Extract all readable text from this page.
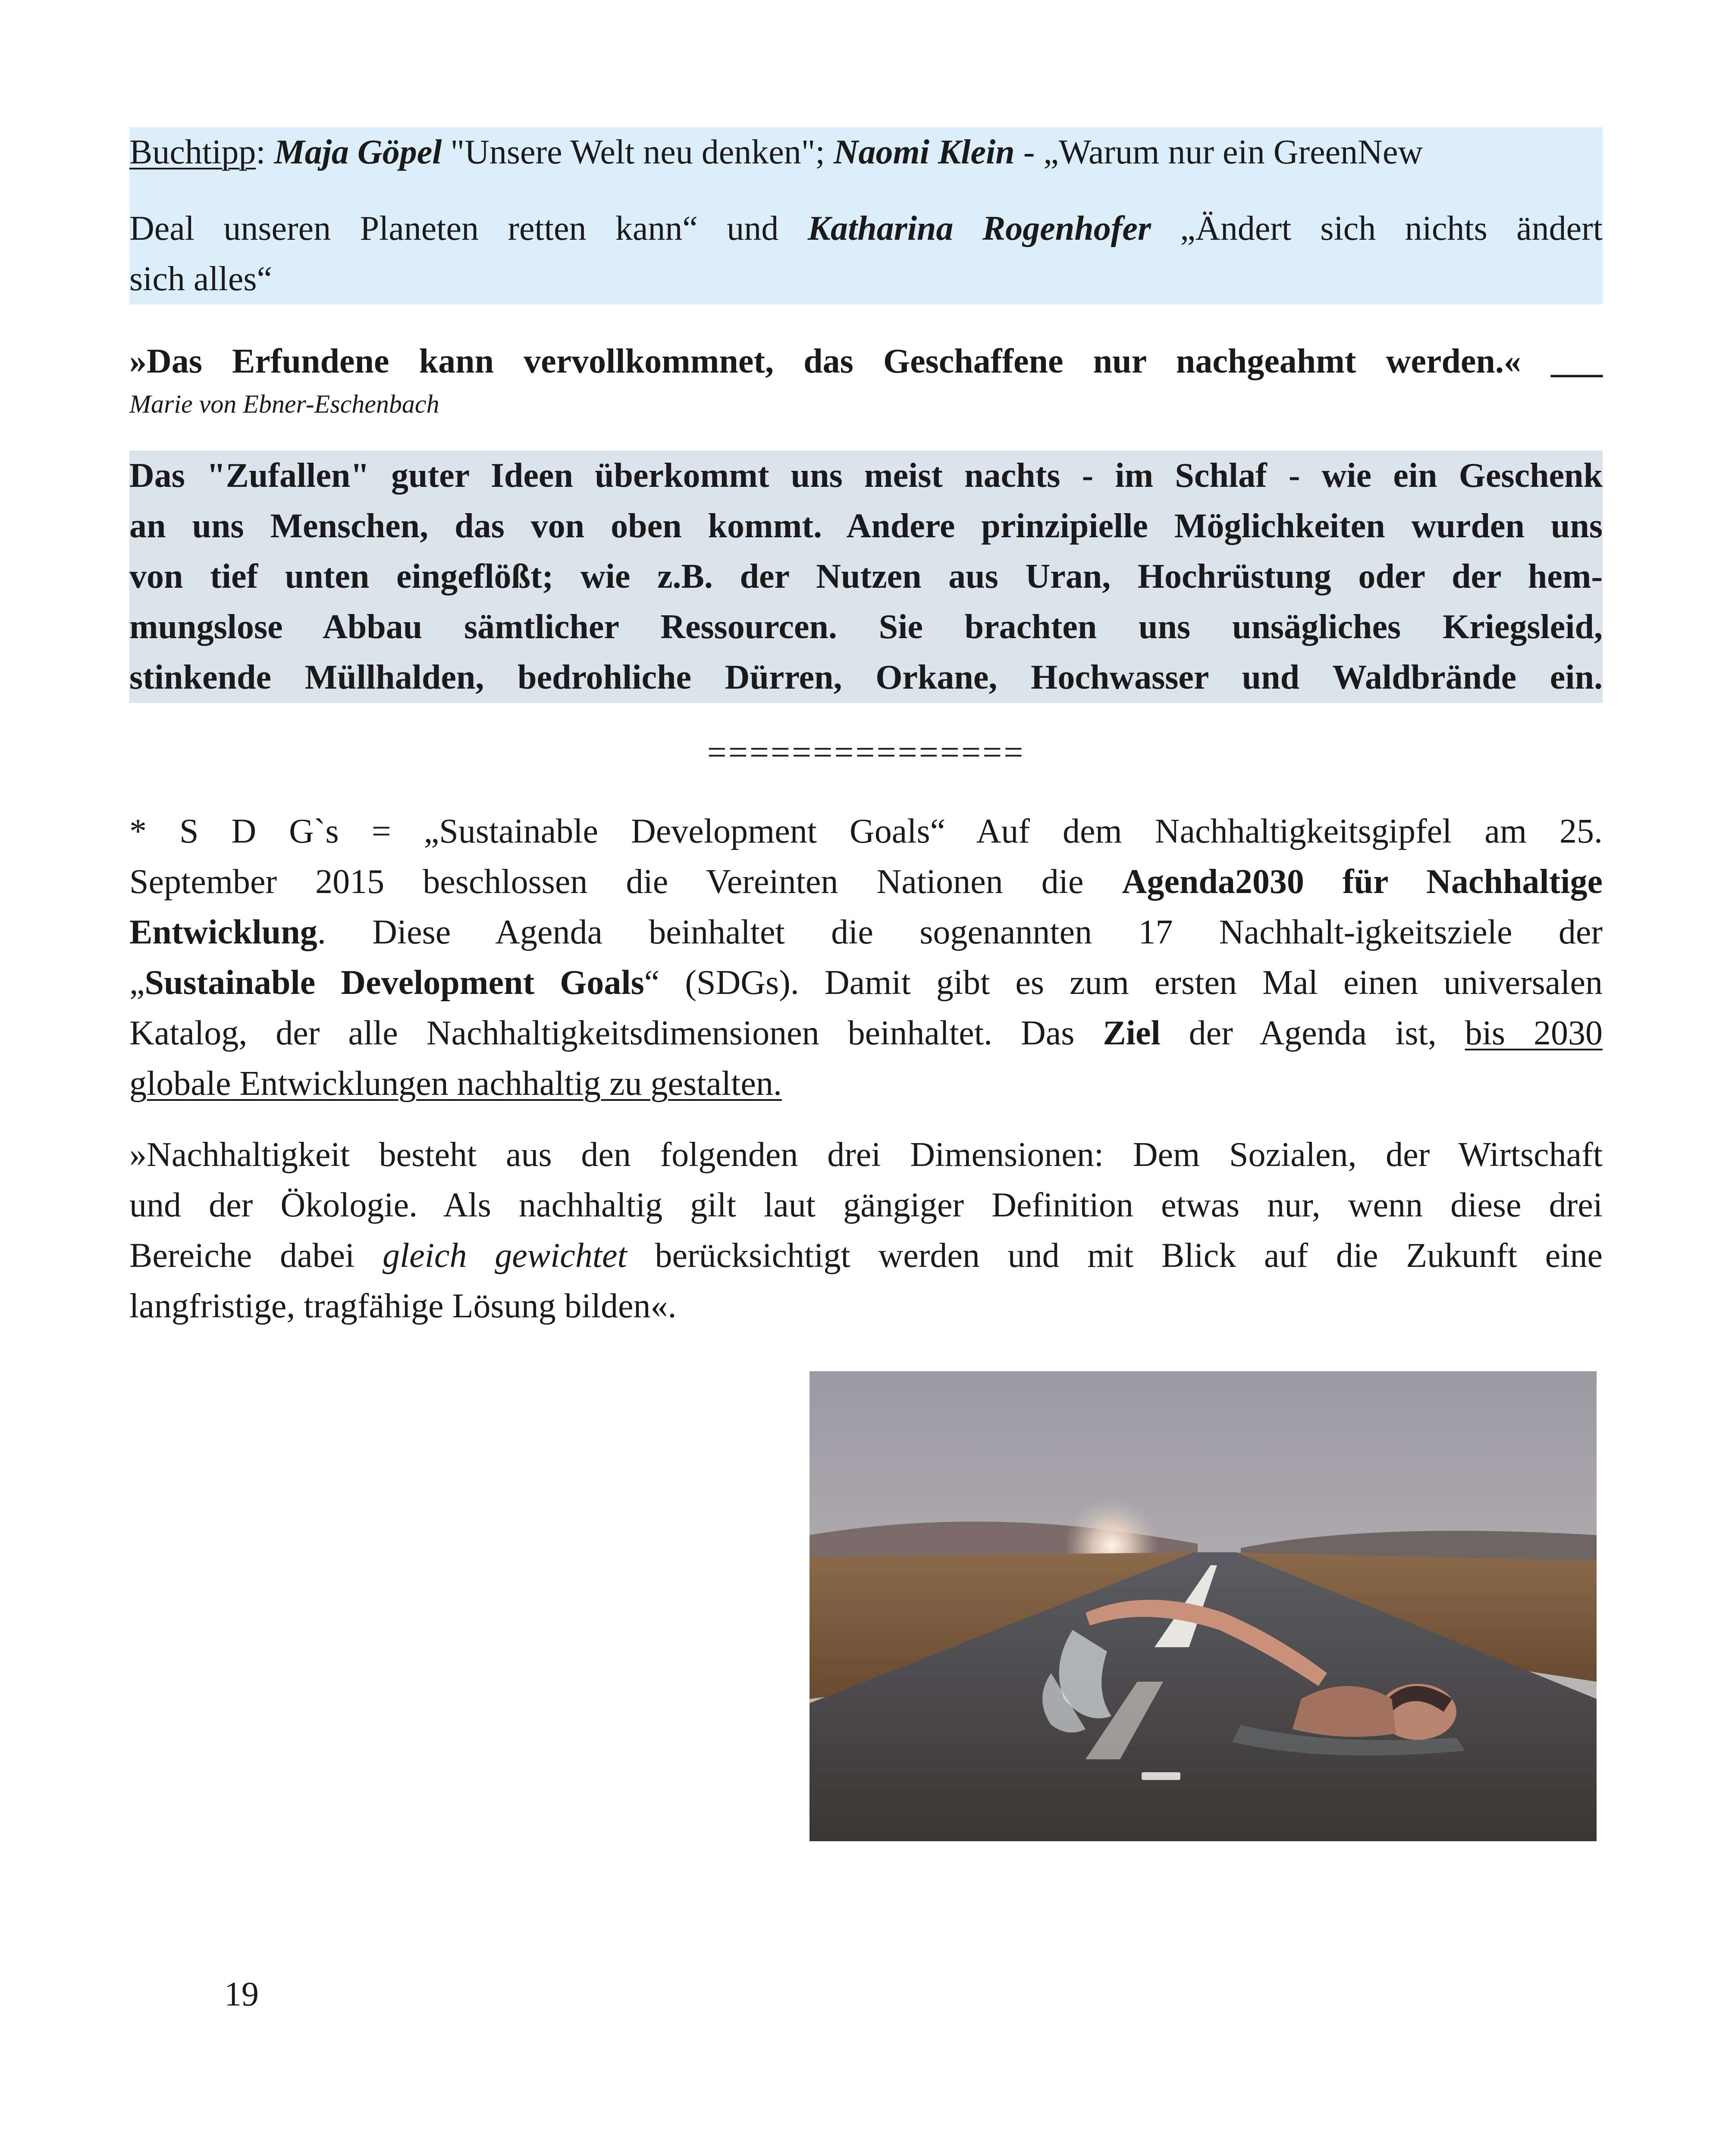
Buchtipp: Maja Göpel "Unsere Welt neu denken"; Naomi Klein - „Warum nur ein GreenNew
Deal unseren Planeten retten kann“ und Katharina Rogenhofer „Ändert sich nichts ändert
sich alles“
»Das Erfundene kann vervollkommnet, das Geschaffene nur nachgeahmt werden.« ___
Marie von Ebner-Eschenbach
Das "Zufallen" guter Ideen überkommt uns meist nachts - im Schlaf - wie ein Geschenk
an uns Menschen, das von oben kommt. Andere prinzipielle Möglichkeiten wurden uns
von tief unten eingeflößt; wie z.B. der Nutzen aus Uran, Hochrüstung oder der hem-
mungslose Abbau sämtlicher Ressourcen. Sie brachten uns unsägliches Kriegsleid,
stinkende Müllhalden, bedrohliche Dürren, Orkane, Hochwasser und Waldbrände ein.
===============
* S D G`s = „Sustainable Development Goals“ Auf dem Nachhaltigkeitsgipfel am 25.
September 2015 beschlossen die Vereinten Nationen die Agenda2030 für Nachhaltige
Entwicklung. Diese Agenda beinhaltet die sogenannten 17 Nachhalt-igkeitsziele der
„Sustainable Development Goals“ (SDGs). Damit gibt es zum ersten Mal einen universalen
Katalog, der alle Nachhaltigkeitsdimensionen beinhaltet. Das Ziel der Agenda ist, bis 2030
globale Entwicklungen nachhaltig zu gestalten.
»Nachhaltigkeit besteht aus den folgenden drei Dimensionen: Dem Sozialen, der Wirtschaft
und der Ökologie. Als nachhaltig gilt laut gängiger Definition etwas nur, wenn diese drei
Bereiche dabei gleich gewichtet berücksichtigt werden und mit Blick auf die Zukunft eine
langfristige, tragfähige Lösung bilden«.
19
